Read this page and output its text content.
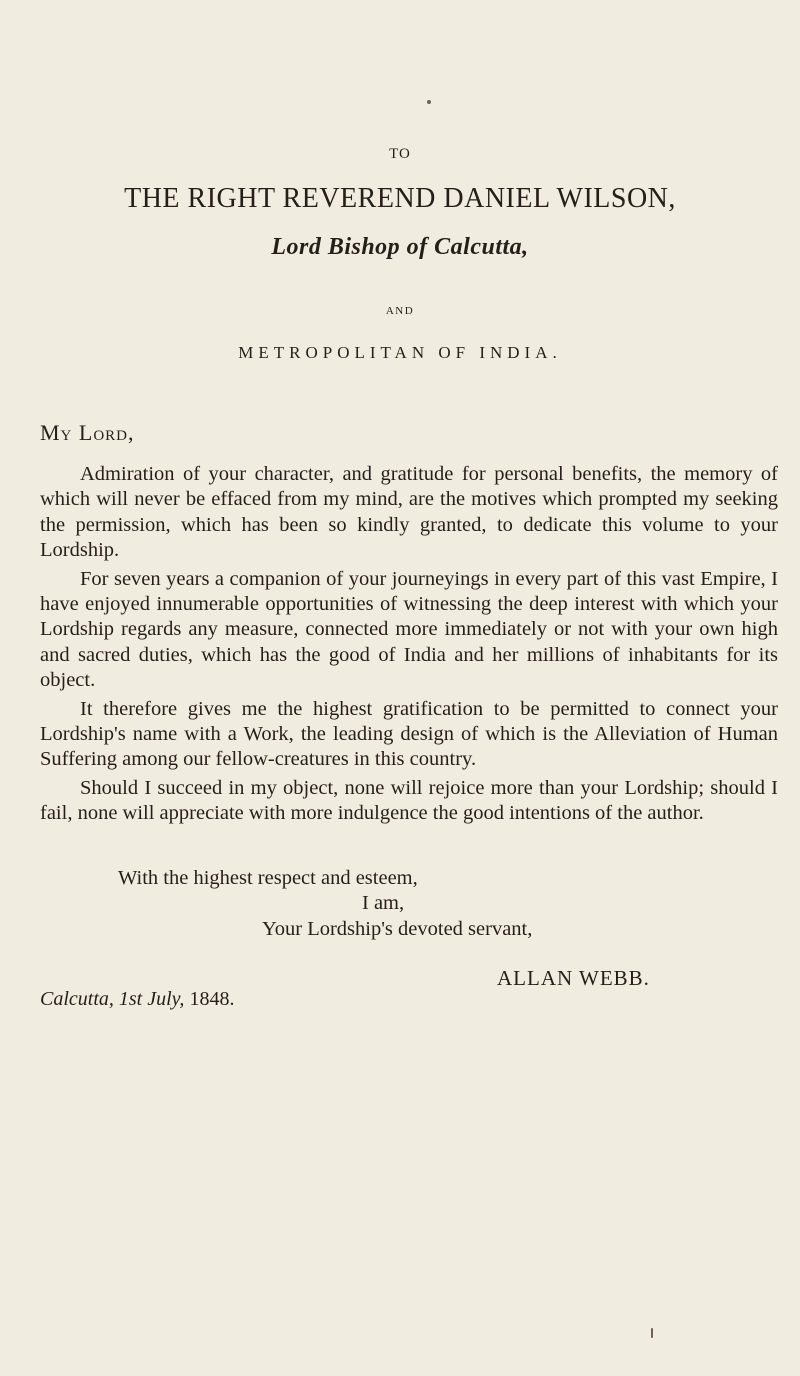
TO
THE RIGHT REVEREND DANIEL WILSON,
Lord Bishop of Calcutta,
AND
METROPOLITAN OF INDIA.
My Lord,

Admiration of your character, and gratitude for personal benefits, the memory of which will never be effaced from my mind, are the motives which prompted my seeking the permission, which has been so kindly granted, to dedicate this volume to your Lordship.

For seven years a companion of your journeyings in every part of this vast Empire, I have enjoyed innumerable opportunities of witnessing the deep interest with which your Lordship regards any measure, connected more immediately or not with your own high and sacred duties, which has the good of India and her millions of inhabitants for its object.

It therefore gives me the highest gratification to be permitted to connect your Lordship's name with a Work, the leading design of which is the Alleviation of Human Suffering among our fellow-creatures in this country.

Should I succeed in my object, none will rejoice more than your Lordship; should I fail, none will appreciate with more indulgence the good intentions of the author.

With the highest respect and esteem,
I am,
Your Lordship's devoted servant,
ALLAN WEBB.
Calcutta, 1st July, 1848.
